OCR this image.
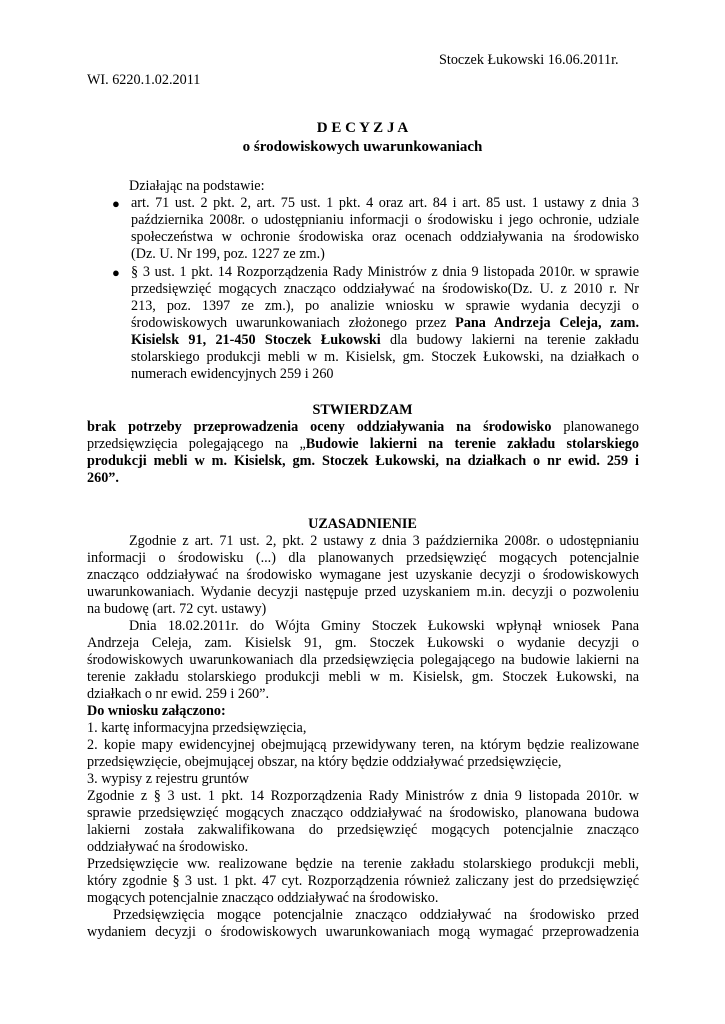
Stoczek Łukowski 16.06.2011r.
WI. 6220.1.02.2011
D E C Y Z J A
o środowiskowych uwarunkowaniach
Działając na podstawie:
● art. 71 ust. 2 pkt. 2, art. 75 ust. 1 pkt. 4 oraz art. 84 i art. 85 ust. 1 ustawy z dnia 3
października 2008r. o udostępnianiu informacji o środowisku i jego ochronie, udziale
społeczeństwa w ochronie środowiska oraz ocenach oddziaływania na środowisko
(Dz. U. Nr 199, poz. 1227 ze zm.)
● § 3 ust. 1 pkt. 14 Rozporządzenia Rady Ministrów z dnia 9 listopada 2010r. w sprawie
przedsięwzięć mogących znacząco oddziaływać na środowisko(Dz. U. z 2010 r. Nr
213, poz. 1397 ze zm.), po analizie wniosku w sprawie wydania decyzji o
środowiskowych uwarunkowaniach złożonego przez Pana Andrzeja Celeja, zam.
Kisielsk 91, 21-450 Stoczek Łukowski dla budowy lakierni na terenie zakładu
stolarskiego produkcji mebli w m. Kisielsk, gm. Stoczek Łukowski, na działkach o
numerach ewidencyjnych 259 i 260
STWIERDZAM
brak potrzeby przeprowadzenia oceny oddziaływania na środowisko planowanego
przedsięwzięcia polegającego na „Budowie lakierni na terenie zakładu stolarskiego
produkcji mebli w m. Kisielsk, gm. Stoczek Łukowski, na działkach o nr ewid. 259 i
260”.
UZASADNIENIE
Zgodnie z art. 71 ust. 2, pkt. 2 ustawy z dnia 3 października 2008r. o udostępnianiu
informacji o środowisku (...) dla planowanych przedsięwzięć mogących potencjalnie
znacząco oddziaływać na środowisko wymagane jest uzyskanie decyzji o środowiskowych
uwarunkowaniach. Wydanie decyzji następuje przed uzyskaniem m.in. decyzji o pozwoleniu
na budowę (art. 72 cyt. ustawy)
Dnia 18.02.2011r. do Wójta Gminy Stoczek Łukowski wpłynął wniosek Pana
Andrzeja Celeja, zam. Kisielsk 91, gm. Stoczek Łukowski o wydanie decyzji o
środowiskowych uwarunkowaniach dla przedsięwzięcia polegającego na budowie lakierni na
terenie zakładu stolarskiego produkcji mebli w m. Kisielsk, gm. Stoczek Łukowski, na
działkach o nr ewid. 259 i 260”.
Do wniosku załączono:
1. kartę informacyjna przedsięwzięcia,
2. kopie mapy ewidencyjnej obejmującą przewidywany teren, na którym będzie realizowane
przedsięwzięcie, obejmującej obszar, na który będzie oddziaływać przedsięwzięcie,
3. wypisy z rejestru gruntów
Zgodnie z § 3 ust. 1 pkt. 14 Rozporządzenia Rady Ministrów z dnia 9 listopada 2010r. w
sprawie przedsięwzięć mogących znacząco oddziaływać na środowisko, planowana budowa
lakierni została zakwalifikowana do przedsięwzięć mogących potencjalnie znacząco
oddziaływać na środowisko.
Przedsięwzięcie ww. realizowane będzie na terenie zakładu stolarskiego produkcji mebli,
który zgodnie § 3 ust. 1 pkt. 47 cyt. Rozporządzenia również zaliczany jest do przedsięwzięć
mogących potencjalnie znacząco oddziaływać na środowisko.
Przedsięwzięcia mogące potencjalnie znacząco oddziaływać na środowisko przed
wydaniem decyzji o środowiskowych uwarunkowaniach mogą wymagać przeprowadzenia
